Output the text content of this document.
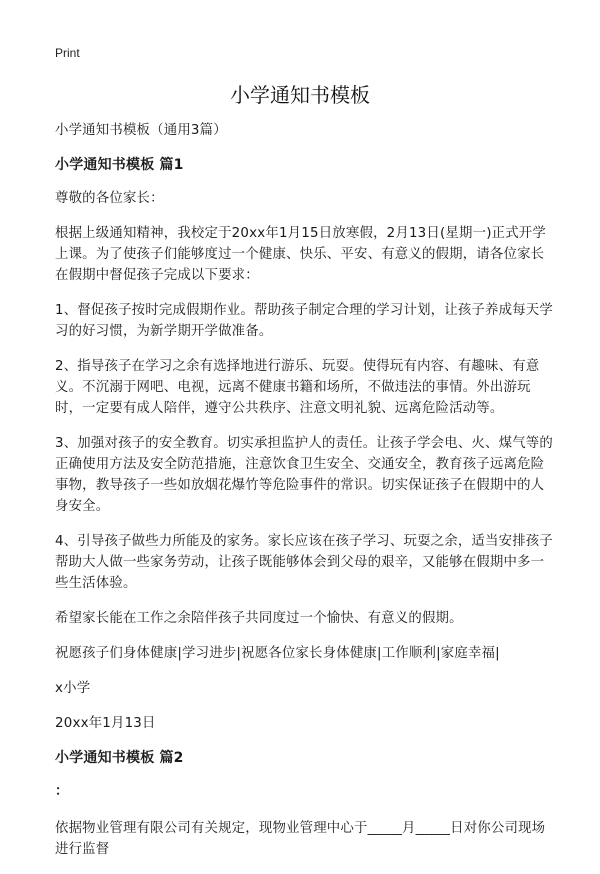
Print
小学通知书模板

小学通知书模板（通用3篇）

小学通知书模板 篇1

尊敬的各位家长：

根据上级通知精神，我校定于20xx年1月15日放寒假，2月13日(星期一)正式开学上课。为了使孩子们能够度过一个健康、快乐、平安、有意义的假期，请各位家长在假期中督促孩子完成以下要求：

1、督促孩子按时完成假期作业。帮助孩子制定合理的学习计划，让孩子养成每天学习的好习惯，为新学期开学做准备。

2、指导孩子在学习之余有选择地进行游乐、玩耍。使得玩有内容、有趣味、有意义。不沉溺于网吧、电视，远离不健康书籍和场所，不做违法的事情。外出游玩时，一定要有成人陪伴，遵守公共秩序、注意文明礼貌、远离危险活动等。

3、加强对孩子的安全教育。切实承担监护人的责任。让孩子学会电、火、煤气等的正确使用方法及安全防范措施，注意饮食卫生安全、交通安全，教育孩子远离危险事物，教导孩子一些如放烟花爆竹等危险事件的常识。切实保证孩子在假期中的人身安全。

4、引导孩子做些力所能及的家务。家长应该在孩子学习、玩耍之余，适当安排孩子帮助大人做一些家务劳动，让孩子既能够体会到父母的艰辛，又能够在假期中多一些生活体验。

希望家长能在工作之余陪伴孩子共同度过一个愉快、有意义的假期。

祝愿孩子们身体健康|学习进步|祝愿各位家长身体健康|工作顺利|家庭幸福|

x小学

20xx年1月13日

小学通知书模板 篇2

：

依据物业管理有限公司有关规定，现物业管理中心于_____月_____日对你公司现场进行监督
